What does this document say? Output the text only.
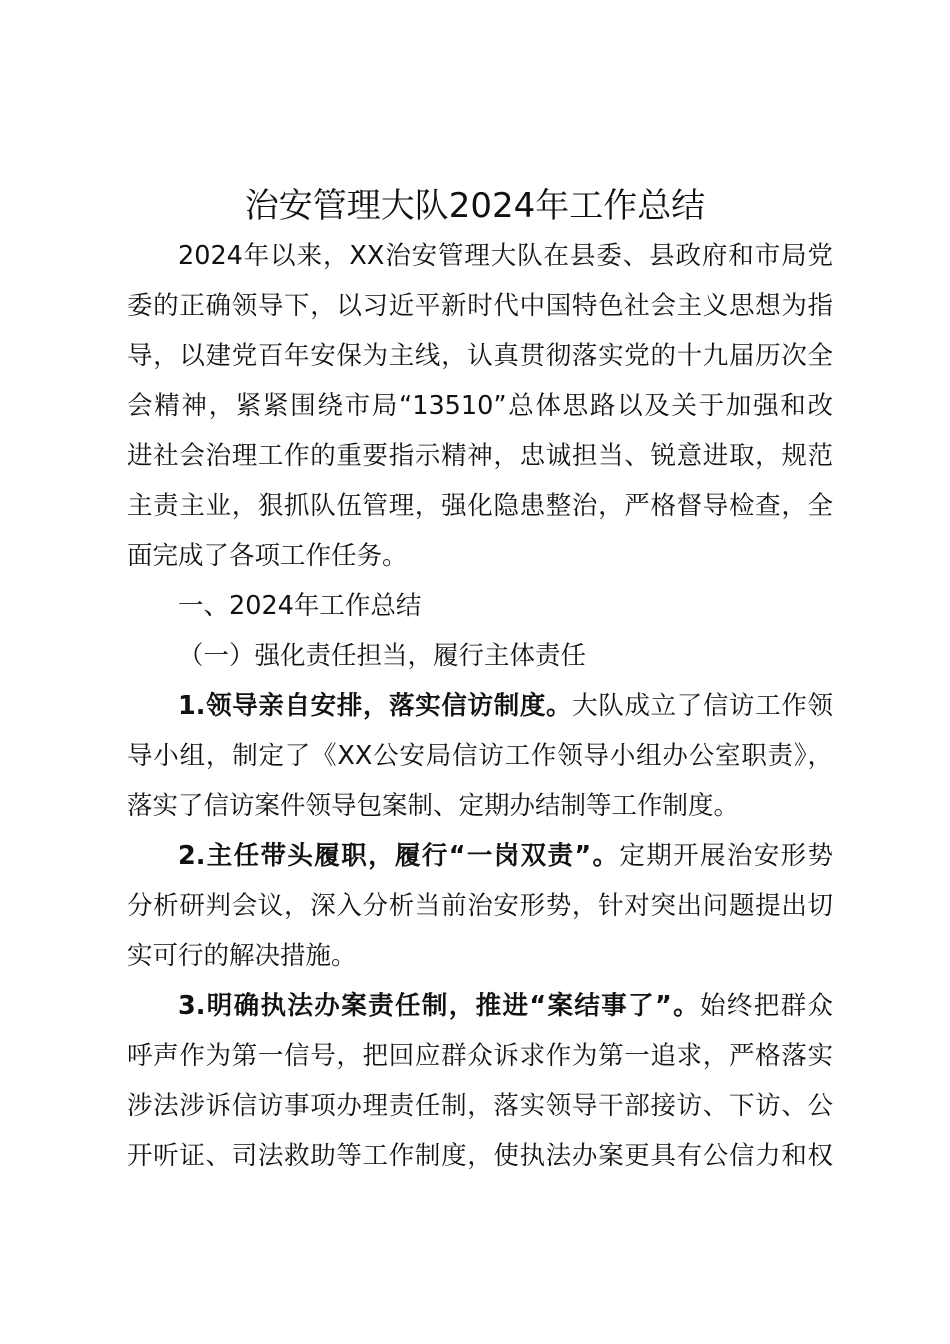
治安管理大队2024年工作总结
2024年以来，XX治安管理大队在县委、县政府和市局党
委的正确领导下，以习近平新时代中国特色社会主义思想为指
导，以建党百年安保为主线，认真贯彻落实党的十九届历次全
会精神，紧紧围绕市局“13510”总体思路以及关于加强和改
进社会治理工作的重要指示精神，忠诚担当、锐意进取，规范
主责主业，狠抓队伍管理，强化隐患整治，严格督导检查，全
面完成了各项工作任务。
一、2024年工作总结
（一）强化责任担当，履行主体责任
1.领导亲自安排，落实信访制度。大队成立了信访工作领
导小组，制定了《XX公安局信访工作领导小组办公室职责》，
落实了信访案件领导包案制、定期办结制等工作制度。
2.主任带头履职，履行“一岗双责”。定期开展治安形势
分析研判会议，深入分析当前治安形势，针对突出问题提出切
实可行的解决措施。
3.明确执法办案责任制，推进“案结事了”。始终把群众
呼声作为第一信号，把回应群众诉求作为第一追求，严格落实
涉法涉诉信访事项办理责任制，落实领导干部接访、下访、公
开听证、司法救助等工作制度，使执法办案更具有公信力和权
